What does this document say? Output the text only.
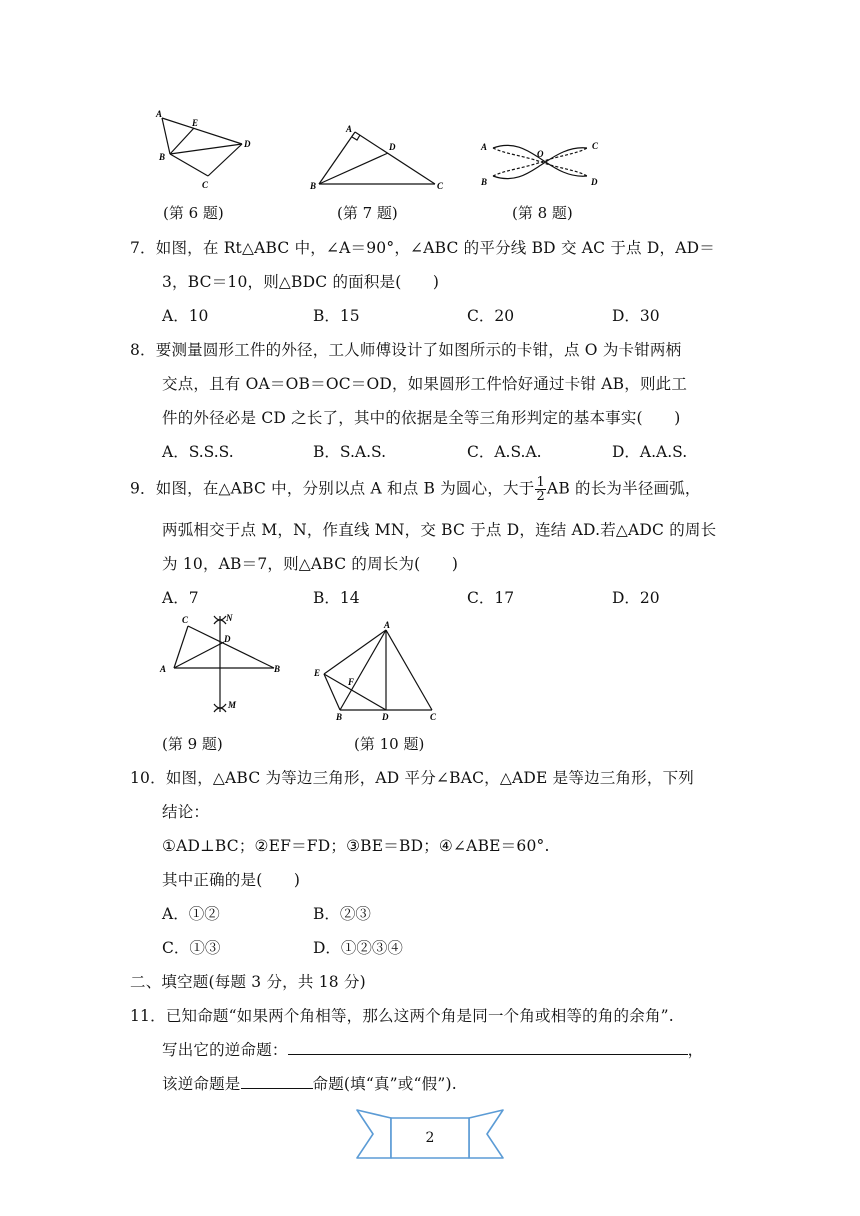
A
E
B
D
C
(第 6 题)
A
D
B	C
(第 7 题)
A
O
C
B	D
(第 8 题)
7．如图，在 Rt△ABC 中，∠A＝90°，∠ABC 的平分线 BD 交 AC 于点 D，AD＝
3，BC＝10，则△BDC 的面积是(　　)
A．10	B．15	C．20	D．30
8．要测量圆形工件的外径，工人师傅设计了如图所示的卡钳，点 O 为卡钳两柄
交点，且有 OA＝OB＝OC＝OD，如果圆形工件恰好通过卡钳 AB，则此工
件的外径必是 CD 之长了，其中的依据是全等三角形判定的基本事实(　　)
A．S.S.S.	B．S.A.S.	C．A.S.A.	D．A.A.S.
9．如图，在△ABC 中，分别以点 A 和点 B 为圆心，大于 $\frac{1}{2}$ AB 的长为半径画弧，
两弧相交于点 M，N，作直线 MN，交 BC 于点 D，连结 AD.若△ADC 的周长
为 10，AB＝7，则△ABC 的周长为(　　)
A．7	B．14	C．17	D．20
C	N
D
A	B
M
(第 9 题)
A
E
F
B	D	C
(第 10 题)
10．如图，△ABC 为等边三角形，AD 平分∠BAC，△ADE 是等边三角形，下列
结论：
①AD⊥BC；②EF＝FD；③BE＝BD；④∠ABE＝60°.
其中正确的是(　　)
A．①②	B．②③
C．①③	D．①②③④
二、填空题(每题 3 分，共 18 分)
11．已知命题“如果两个角相等，那么这两个角是同一个角或相等的角的余角”.
写出它的逆命题：	，
该逆命题是	命题(填“真”或“假”).
2
